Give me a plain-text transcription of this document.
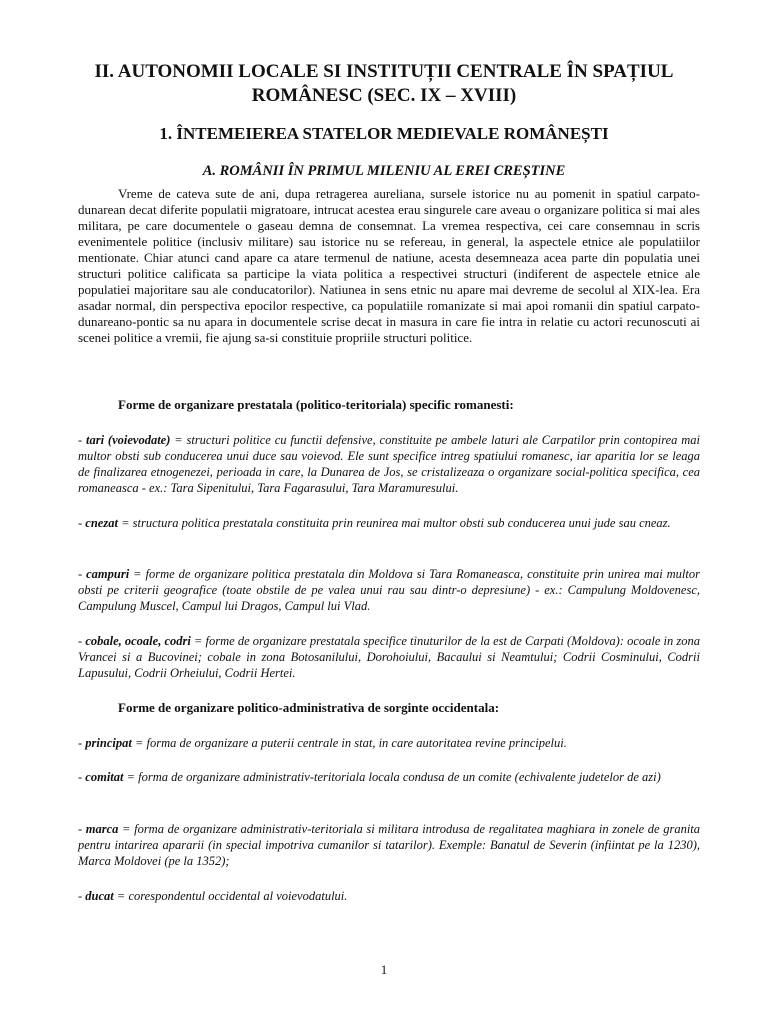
II. AUTONOMII LOCALE SI INSTITUȚII CENTRALE ÎN SPAȚIUL ROMÂNESC (SEC. IX – XVIII)
1. ÎNTEMEIEREA STATELOR MEDIEVALE ROMÂNEȘTI
A. ROMÂNII ÎN PRIMUL MILENIU AL EREI CREȘTINE

Vreme de cateva sute de ani, dupa retragerea aureliana, sursele istorice nu au pomenit in spatiul carpato-dunarean decat diferite populatii migratoare, intrucat acestea erau singurele care aveau o organizare politica si mai ales militara, pe care documentele o gaseau demna de consemnat. La vremea respectiva, cei care consemnau in scris evenimentele politice (inclusiv militare) sau istorice nu se refereau, in general, la aspectele etnice ale populatiilor mentionate. Chiar atunci cand apare ca atare termenul de natiune, acesta desemneaza acea parte din populatia unei structuri politice calificata sa participe la viata politica a respectivei structuri (indiferent de aspectele etnice ale populatiei majoritare sau ale conducatorilor). Natiunea in sens etnic nu apare mai devreme de secolul al XIX-lea. Era asadar normal, din perspectiva epocilor respective, ca populatiile romanizate si mai apoi romanii din spatiul carpato-dunareano-pontic sa nu apara in documentele scrise decat in masura in care fie intra in relatie cu actori recunoscuti ai scenei politice a vremii, fie ajung sa-si constituie propriile structuri politice.

Forme de organizare prestatala (politico-teritoriala) specific romanesti:

- tari (voievodate) = structuri politice cu functii defensive, constituite pe ambele laturi ale Carpatilor prin contopirea mai multor obsti sub conducerea unui duce sau voievod. Ele sunt specifice intreg spatiului romanesc, iar aparitia lor se leaga de finalizarea etnogenezei, perioada in care, la Dunarea de Jos, se cristalizeaza o organizare social-politica specifica, cea romaneasca - ex.: Tara Sipenitului, Tara Fagarasului, Tara Maramuresului.

- cnezat = structura politica prestatala constituita prin reunirea mai multor obsti sub conducerea unui jude sau cneaz.

- campuri = forme de organizare politica prestatala din Moldova si Tara Romaneasca, constituite prin unirea mai multor obsti pe criterii geografice (toate obstile de pe valea unui rau sau dintr-o depresiune) - ex.: Campulung Moldovenesc, Campulung Muscel, Campul lui Dragos, Campul lui Vlad.

- cobale, ocoale, codri = forme de organizare prestatala specifice tinuturilor de la est de Carpati (Moldova): ocoale in zona Vrancei si a Bucovinei; cobale in zona Botosanilului, Dorohoiului, Bacaului si Neamtului; Codrii Cosminului, Codrii Lapusului, Codrii Orheiului, Codrii Hertei.

Forme de organizare politico-administrativa de sorginte occidentala:

- principat = forma de organizare a puterii centrale in stat, in care autoritatea revine principelui.

- comitat = forma de organizare administrativ-teritoriala locala condusa de un comite (echivalente judetelor de azi)

- marca = forma de organizare administrativ-teritoriala si militara introdusa de regalitatea maghiara in zonele de granita pentru intarirea apararii (in special impotriva cumanilor si tatarilor). Exemple: Banatul de Severin (infiintat pe la 1230), Marca Moldovei (pe la 1352);

- ducat = corespondentul occidental al voievodatului.

1
